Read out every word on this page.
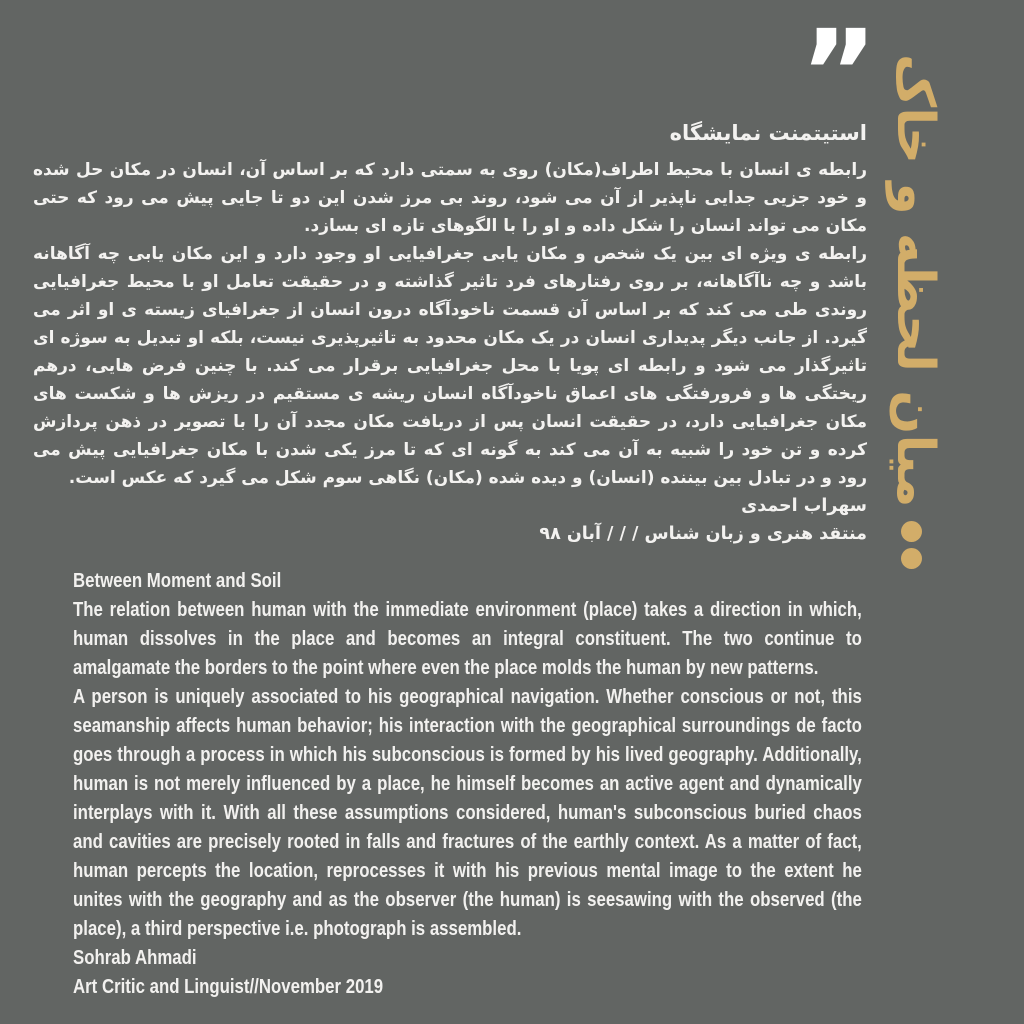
” میان لحظه و خاک
استیتمنت نمایشگاه

رابطه ی انسان با محیط اطراف(مکان) روی به سمتی دارد که بر اساس آن، انسان در مکان حل شده و خود جزیی جدایی ناپذیر از آن می شود، روند بی مرز شدن این دو تا جایی پیش می رود که حتی مکان می تواند انسان را شکل داده و او را با الگوهای تازه ای بسازد.

رابطه ی ویژه ای بین یک شخص و مکان یابی جغرافیایی او وجود دارد و این مکان یابی چه آگاهانه باشد و چه ناآگاهانه، بر روی رفتارهای فرد تاثیر گذاشته و در حقیقت تعامل او با محیط جغرافیایی روندی طی می کند که بر اساس آن قسمت ناخودآگاه درون انسان از جغرافیای زیسته ی او اثر می گیرد. از جانب دیگر پدیداری انسان در یک مکان محدود به تاثیرپذیری نیست، بلکه او تبدیل به سوژه ای تاثیرگذار می شود و رابطه ای پویا با محل جغرافیایی برقرار می کند. با چنین فرض هایی، درهم ریختگی ها و فرورفتگی های اعماق ناخودآگاه انسان ریشه ی مستقیم در ریزش ها و شکست های مکان جغرافیایی دارد، در حقیقت انسان پس از دریافت مکان مجدد آن را با تصویر در ذهن پردازش کرده و تن خود را شبیه به آن می کند به گونه ای که تا مرز یکی شدن با مکان جغرافیایی پیش می رود و در تبادل بین بیننده (انسان) و دیده شده (مکان) نگاهی سوم شکل می گیرد که عکس است.

سهراب احمدی
منتقد هنری و زبان شناس / / / آبان ۹۸
Between Moment and Soil

The relation between human with the immediate environment (place) takes a direction in which, human dissolves in the place and becomes an integral constituent. The two continue to amalgamate the borders to the point where even the place molds the human by new patterns.

A person is uniquely associated to his geographical navigation. Whether conscious or not, this seamanship affects human behavior; his interaction with the geographical surroundings de facto goes through a process in which his subconscious is formed by his lived geography. Additionally, human is not merely influenced by a place, he himself becomes an active agent and dynamically interplays with it. With all these assumptions considered, human's subconscious buried chaos and cavities are precisely rooted in falls and fractures of the earthly context. As a matter of fact, human percepts the location, reprocesses it with his previous mental image to the extent he unites with the geography and as the observer (the human) is seesawing with the observed (the place), a third perspective i.e. photograph is assembled.

Sohrab Ahmadi
Art Critic and Linguist//November 2019
